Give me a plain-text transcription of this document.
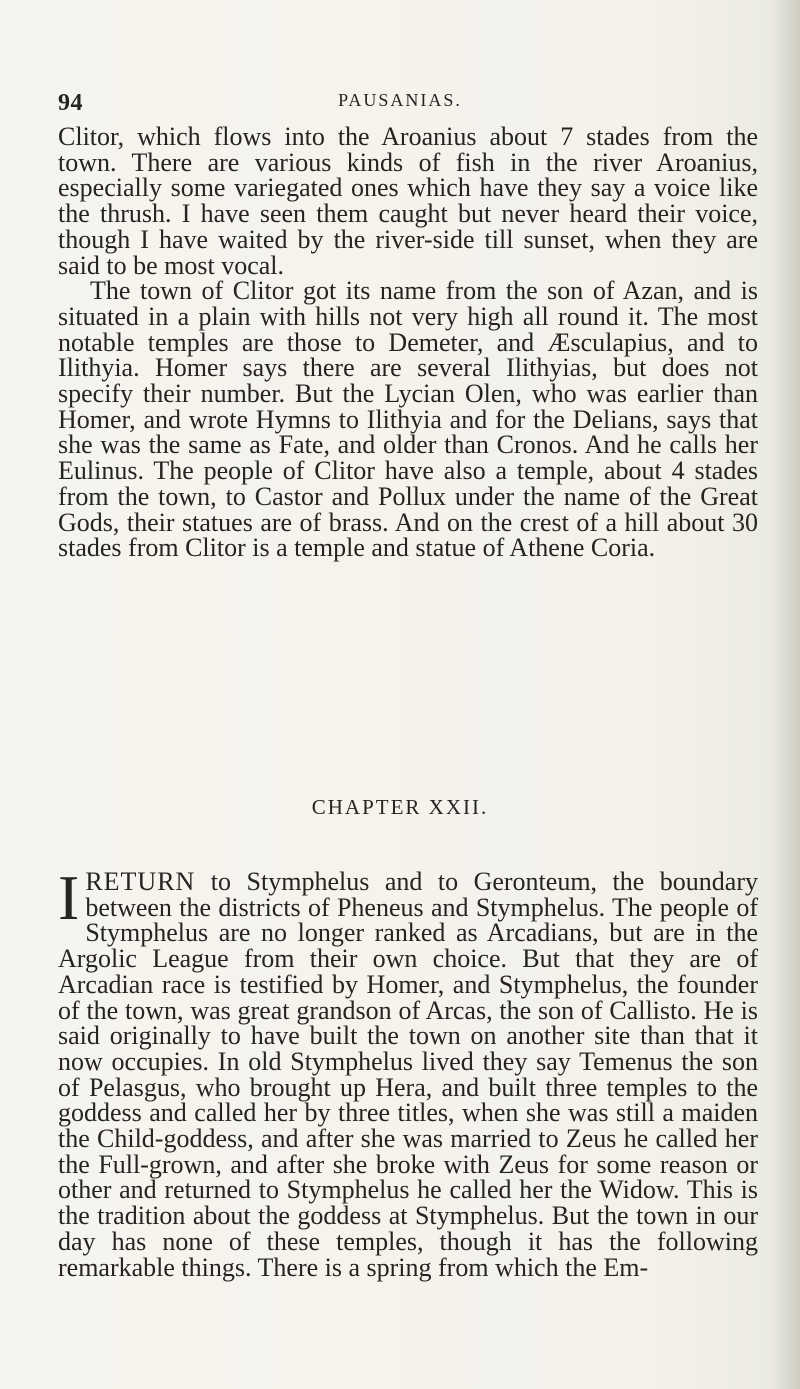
94	PAUSANIAS.
Clitor, which flows into the Aroanius about 7 stades from the town. There are various kinds of fish in the river Aroanius, especially some variegated ones which have they say a voice like the thrush. I have seen them caught but never heard their voice, though I have waited by the river-side till sunset, when they are said to be most vocal.
The town of Clitor got its name from the son of Azan, and is situated in a plain with hills not very high all round it. The most notable temples are those to Demeter, and Æsculapius, and to Ilithyia. Homer says there are several Ilithyias, but does not specify their number. But the Lycian Olen, who was earlier than Homer, and wrote Hymns to Ilithyia and for the Delians, says that she was the same as Fate, and older than Cronos. And he calls her Eulinus. The people of Clitor have also a temple, about 4 stades from the town, to Castor and Pollux under the name of the Great Gods, their statues are of brass. And on the crest of a hill about 30 stades from Clitor is a temple and statue of Athene Coria.
CHAPTER XXII.
IRETURN to Stymphelus and to Geronteum, the boundary between the districts of Pheneus and Stymphelus. The people of Stymphelus are no longer ranked as Arcadians, but are in the Argolic League from their own choice. But that they are of Arcadian race is testified by Homer, and Stymphelus, the founder of the town, was great grandson of Arcas, the son of Callisto. He is said originally to have built the town on another site than that it now occupies. In old Stymphelus lived they say Temenus the son of Pelasgus, who brought up Hera, and built three temples to the goddess and called her by three titles, when she was still a maiden the Child-goddess, and after she was married to Zeus he called her the Full-grown, and after she broke with Zeus for some reason or other and returned to Stymphelus he called her the Widow. This is the tradition about the goddess at Stymphelus. But the town in our day has none of these temples, though it has the following remarkable things. There is a spring from which the Em-
